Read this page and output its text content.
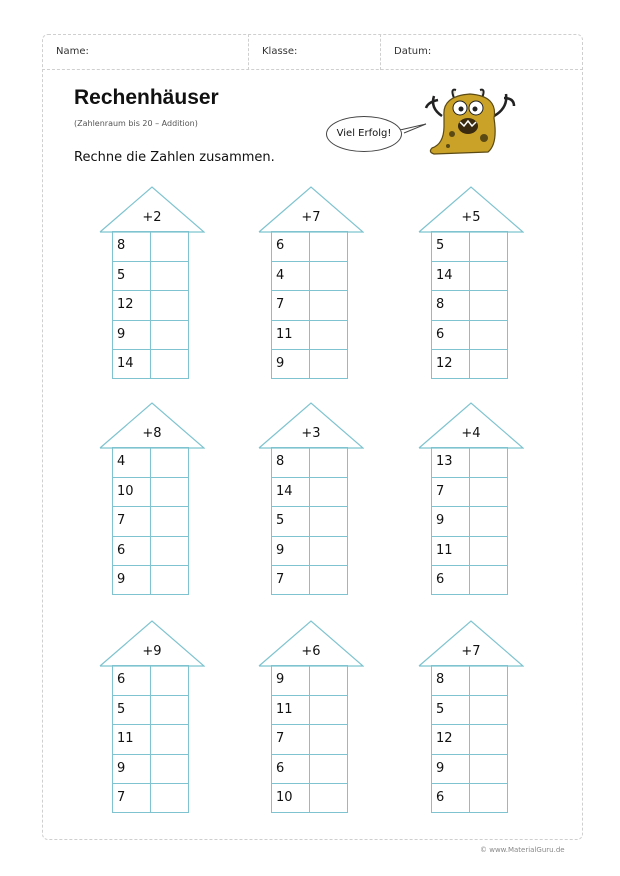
Name:	Klasse:	Datum:
Rechenhäuser
(Zahlenraum bis 20 – Addition)
Rechne die Zahlen zusammen.
Viel Erfolg!
+2
8
5
12
9
14
+7
6
4
7
11
9
+5
5
14
8
6
12
+8
4
10
7
6
9
+3
8
14
5
9
7
+4
13
7
9
11
6
+9
6
5
11
9
7
+6
9
11
7
6
10
+7
8
5
12
9
6
© www.MaterialGuru.de
